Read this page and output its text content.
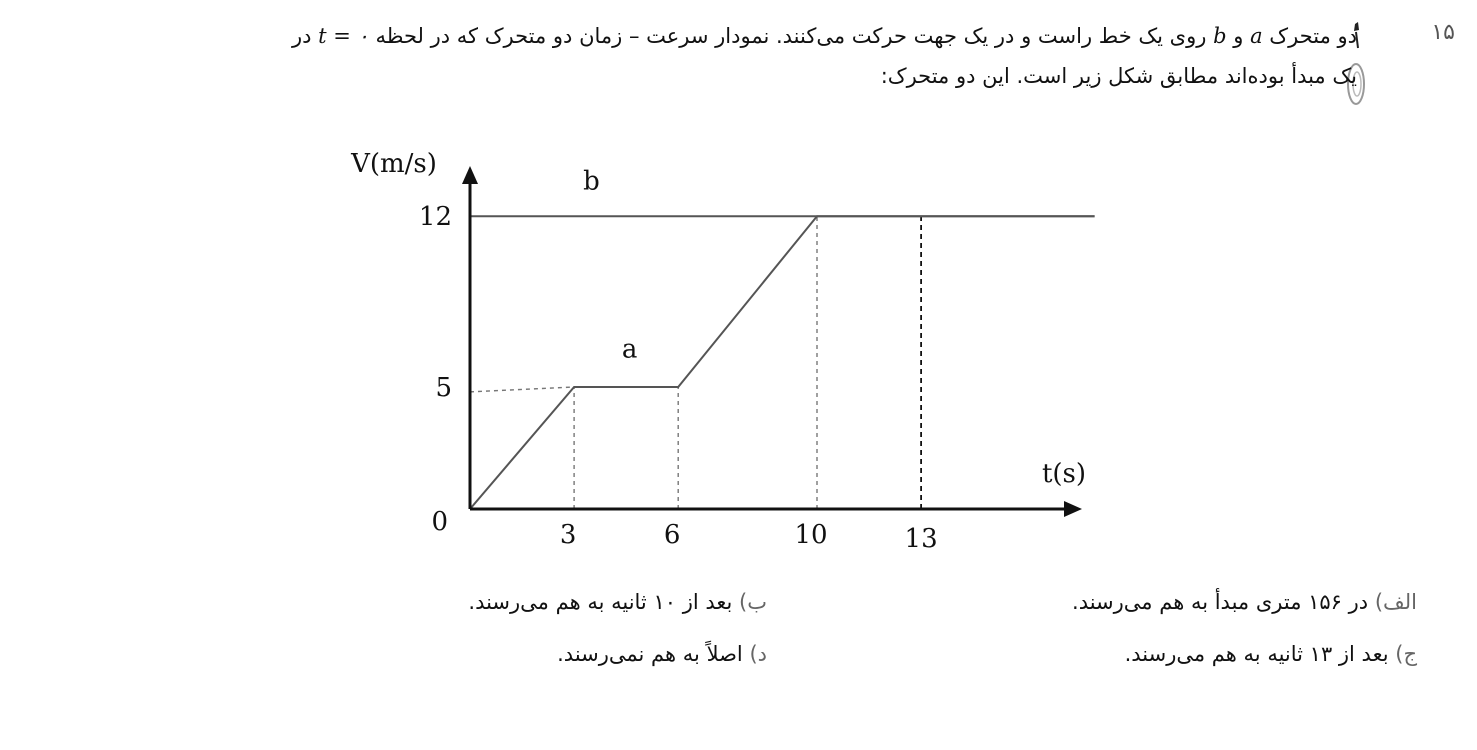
۱۵
دو متحرک a و b روی یک خط راست و در یک جهت حرکت می‌کنند. نمودار سرعت – زمان دو متحرک که در لحظه t = ۰ در
یک مبدأ بوده‌اند مطابق شکل زیر است. این دو متحرک:
a
b
V(m/s)
t(s)
0	3	6	10	13
5
12
الف) در ۱۵۶ متری مبدأ به هم می‌رسند.
ب) بعد از ۱۰ ثانیه به هم می‌رسند.
ج) بعد از ۱۳ ثانیه به هم می‌رسند.
د) اصلاً به هم نمی‌رسند.
